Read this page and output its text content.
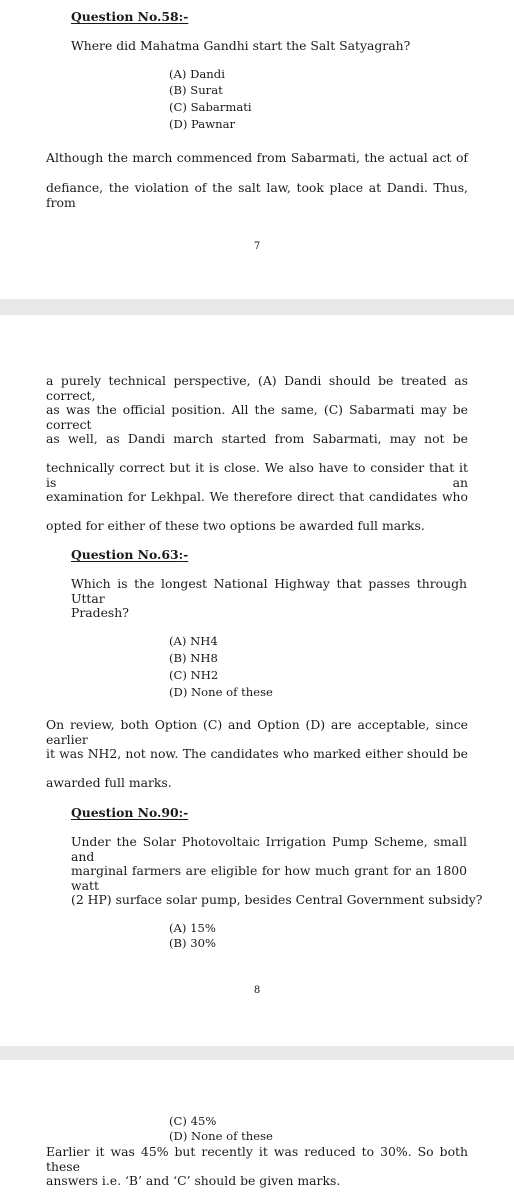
Question No.58:-
Where did Mahatma Gandhi start the Salt Satyagrah?
(A) Dandi
(B) Surat
(C) Sabarmati
(D) Pawnar
Although the march commenced from Sabarmati, the actual act of
defiance, the violation of the salt law, took place at Dandi. Thus, from
7
a purely technical perspective, (A) Dandi should be treated as correct,
as was the official position. All the same, (C) Sabarmati may be correct
as well, as Dandi march started from Sabarmati, may not be
technically correct but it is close. We also have to consider that it is an
examination for Lekhpal. We therefore direct that candidates who
opted for either of these two options be awarded full marks.
Question No.63:-
Which is the longest National Highway that passes through Uttar
Pradesh?
(A) NH4
(B) NH8
(C) NH2
(D) None of these
On review, both Option (C) and Option (D) are acceptable, since earlier
it was NH2, not now. The candidates who marked either should be
awarded full marks.
Question No.90:-
Under the Solar Photovoltaic Irrigation Pump Scheme, small and
marginal farmers are eligible for how much grant for an 1800 watt
(2 HP) surface solar pump, besides Central Government subsidy?
(A) 15%
(B) 30%
8
(C) 45%
(D) None of these
Earlier it was 45% but recently it was reduced to 30%. So both these
answers i.e. ‘B’ and ‘C’ should be given marks.
